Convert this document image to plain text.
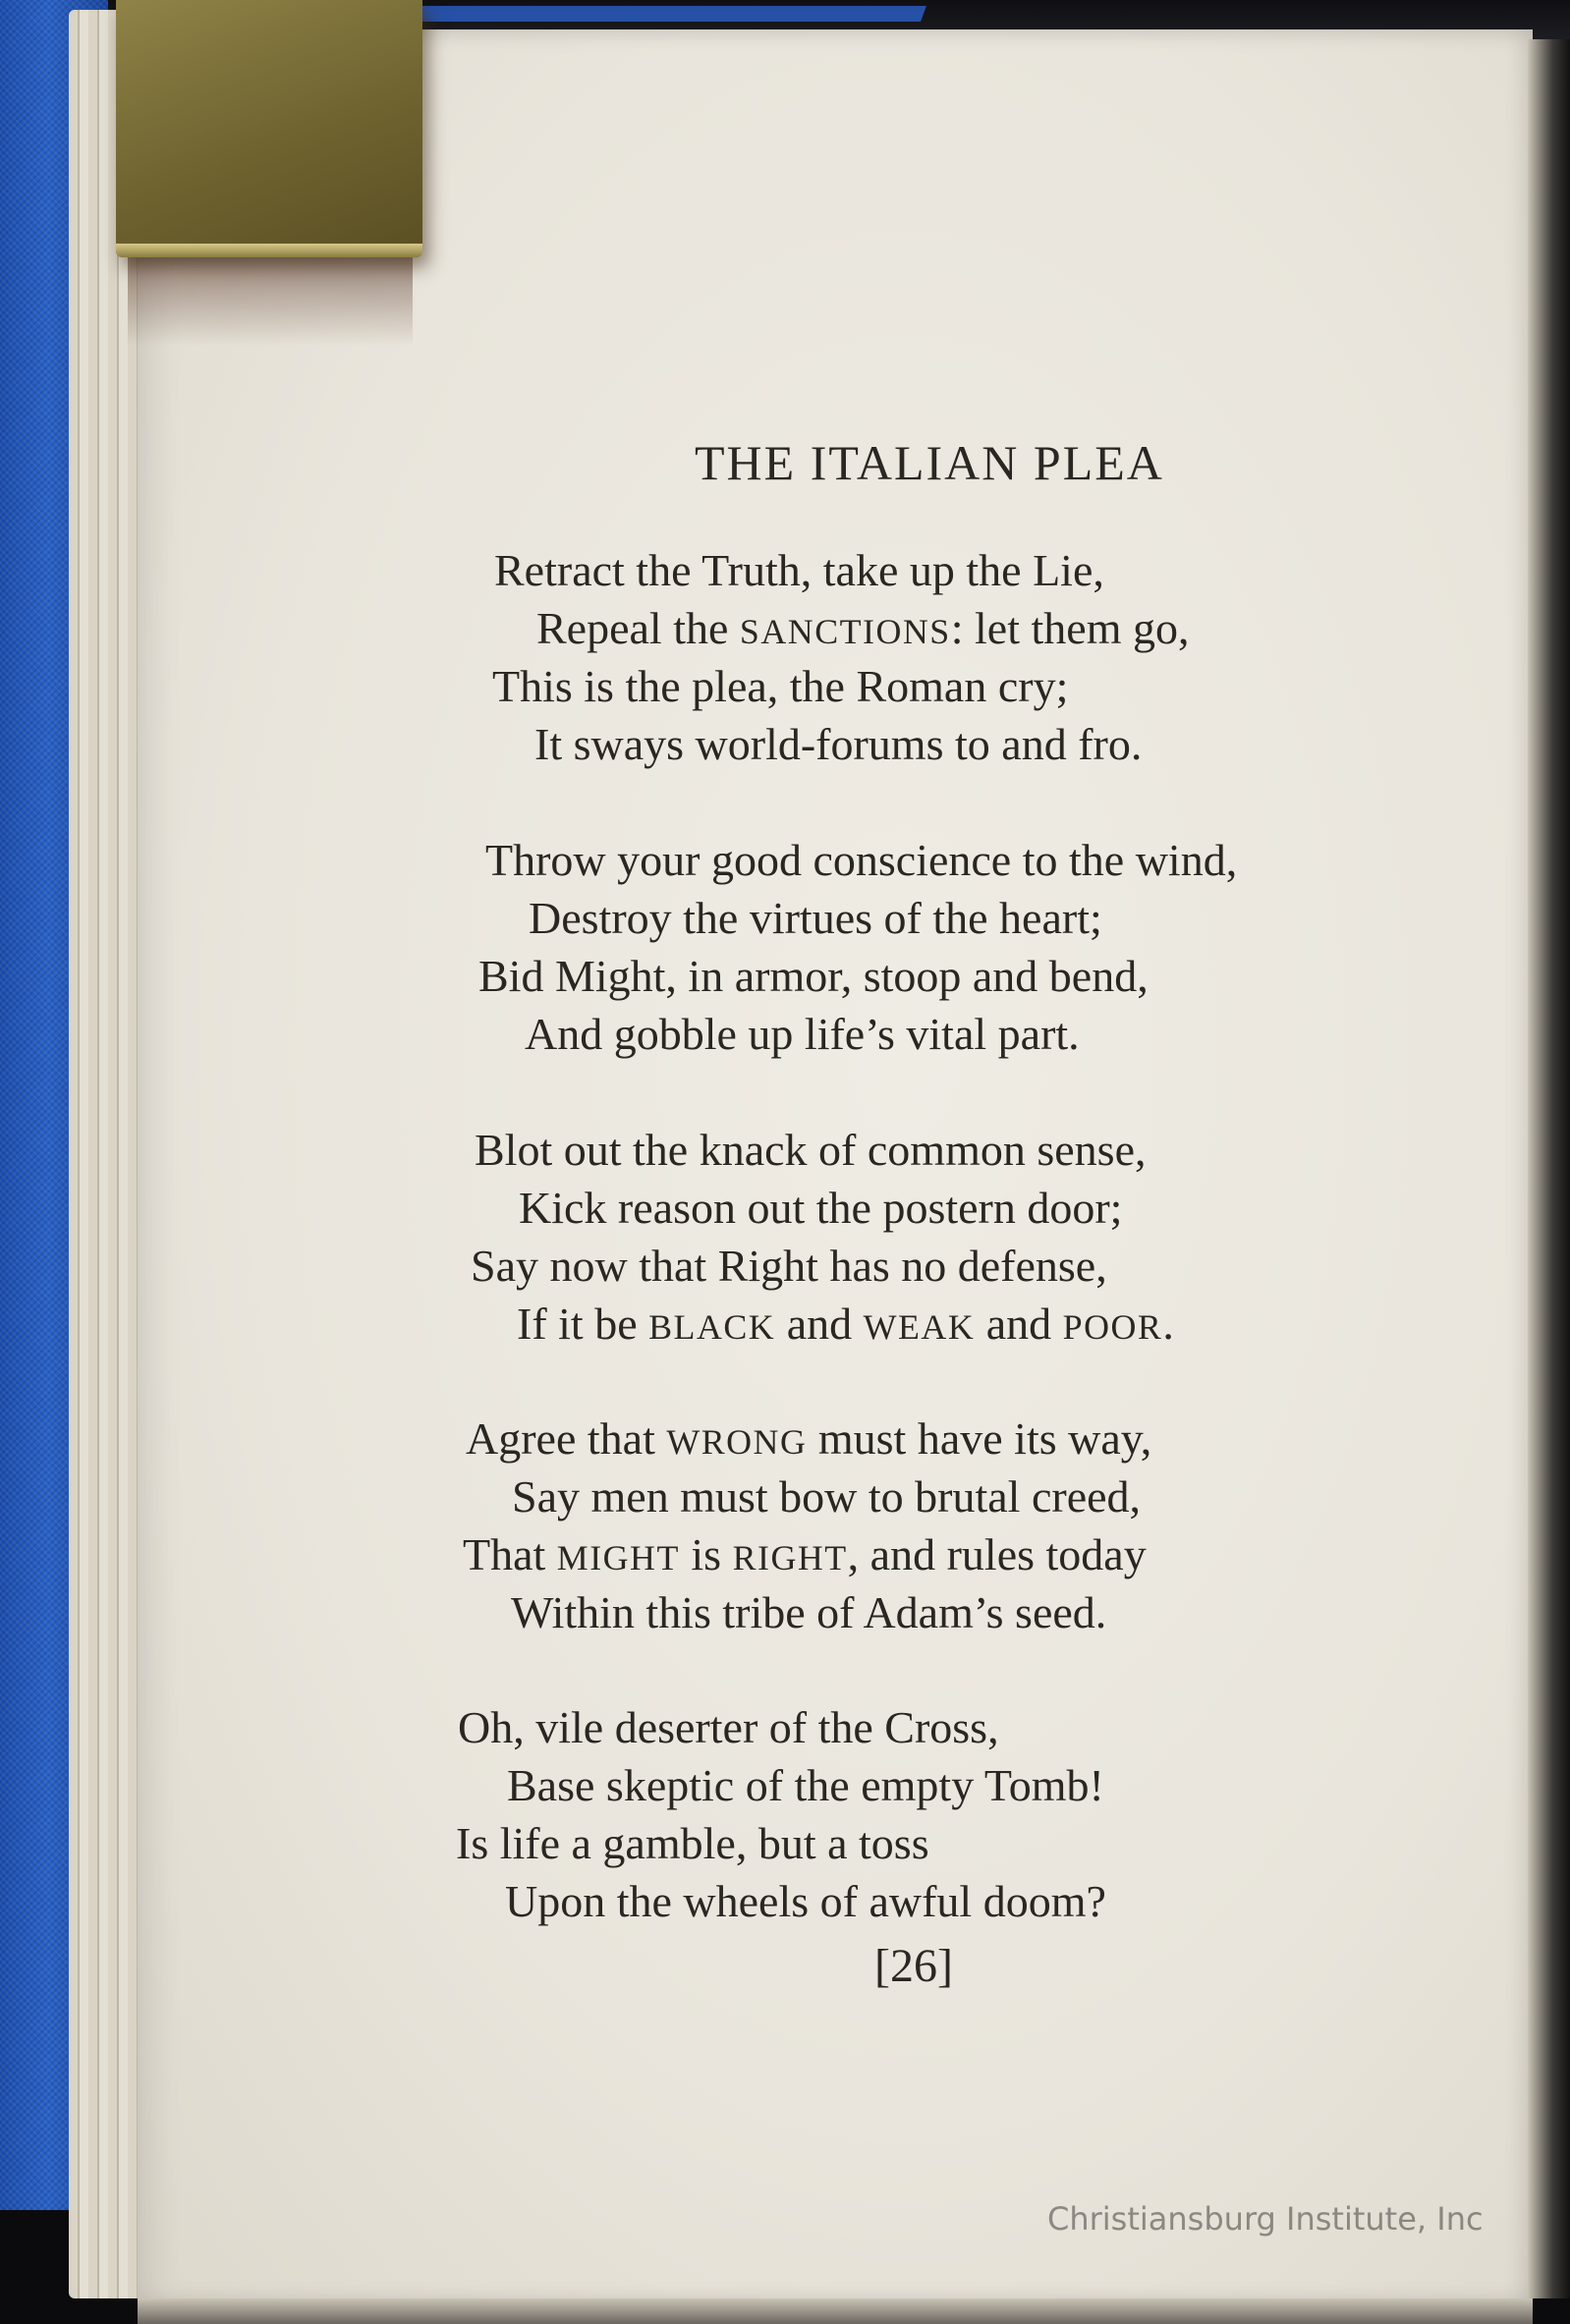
THE ITALIAN PLEA
Retract the Truth, take up the Lie,
Repeal the SANCTIONS: let them go,
This is the plea, the Roman cry;
It sways world-forums to and fro.
Throw your good conscience to the wind,
Destroy the virtues of the heart;
Bid Might, in armor, stoop and bend,
And gobble up life’s vital part.
Blot out the knack of common sense,
Kick reason out the postern door;
Say now that Right has no defense,
If it be BLACK and WEAK and POOR.
Agree that WRONG must have its way,
Say men must bow to brutal creed,
That MIGHT is RIGHT, and rules today
Within this tribe of Adam’s seed.
Oh, vile deserter of the Cross,
Base skeptic of the empty Tomb!
Is life a gamble, but a toss
Upon the wheels of awful doom?
[26]
Christiansburg Institute, Inc
